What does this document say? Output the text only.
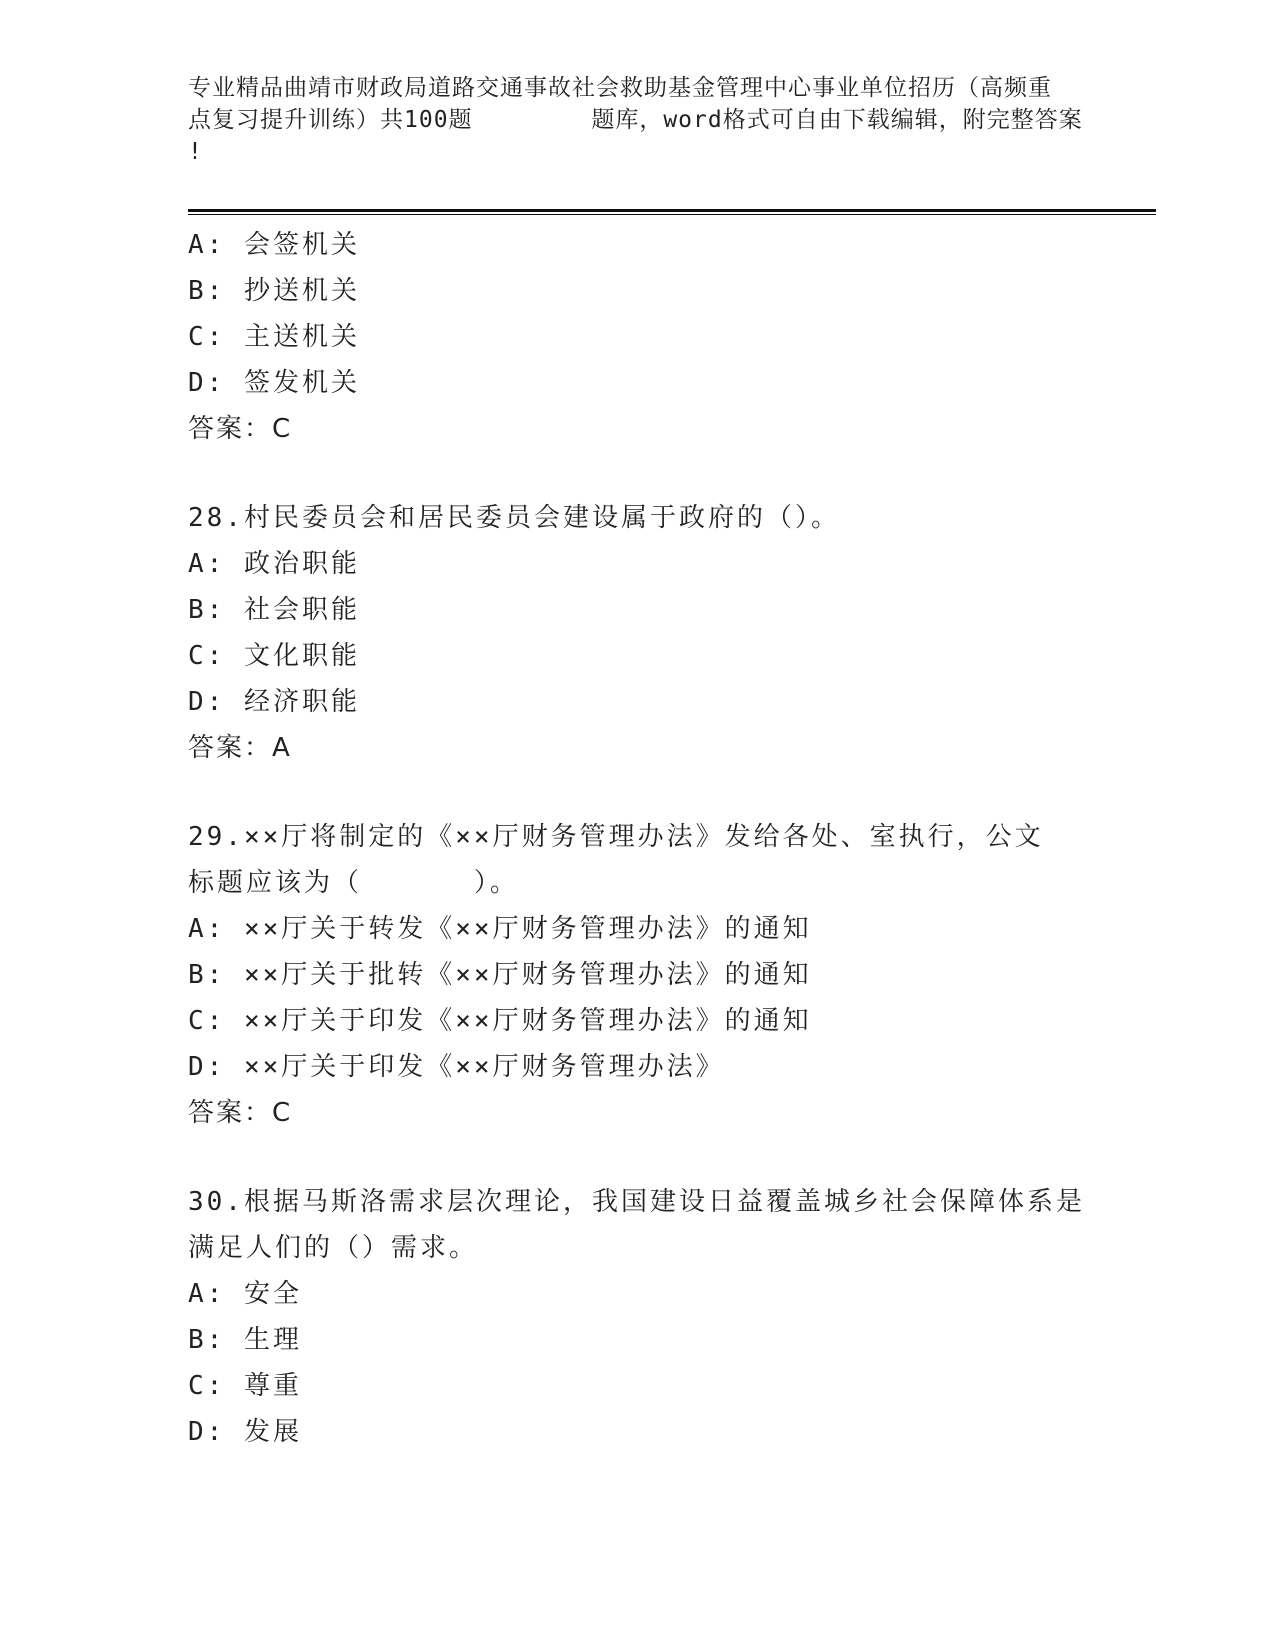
专业精品曲靖市财政局道路交通事故社会救助基金管理中心事业单位招历（高频重
点复习提升训练）共100题        题库，word格式可自由下载编辑，附完整答案
!
A: 会签机关
B: 抄送机关
C: 主送机关
D: 签发机关
答案：C
28.村民委员会和居民委员会建设属于政府的（）。
A: 政治职能
B: 社会职能
C: 文化职能
D: 经济职能
答案：A
29.××厅将制定的《××厅财务管理办法》发给各处、室执行，公文
标题应该为（      ）。
A: ××厅关于转发《××厅财务管理办法》的通知
B: ××厅关于批转《××厅财务管理办法》的通知
C: ××厅关于印发《××厅财务管理办法》的通知
D: ××厅关于印发《××厅财务管理办法》
答案：C
30.根据马斯洛需求层次理论，我国建设日益覆盖城乡社会保障体系是
满足人们的（）需求。
A: 安全
B: 生理
C: 尊重
D: 发展
